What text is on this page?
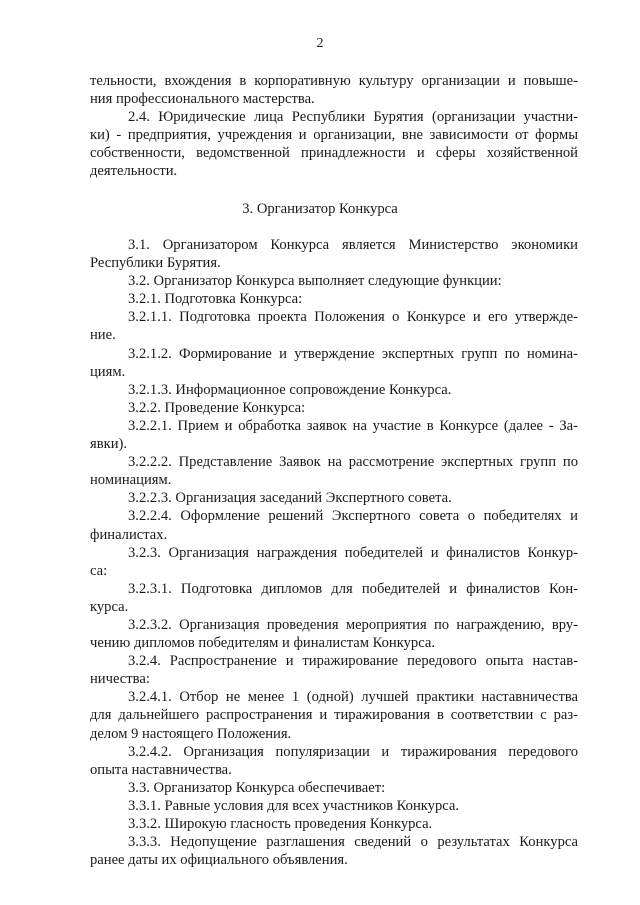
2
тельности, вхождения в корпоративную культуру организации и повыше-
ния профессионального мастерства.
2.4. Юридические лица Республики Бурятия (организации участни-
ки) - предприятия, учреждения и организации, вне зависимости от формы
собственности, ведомственной принадлежности и сферы хозяйственной
деятельности.
3. Организатор Конкурса
3.1. Организатором Конкурса является Министерство экономики
Республики Бурятия.
3.2. Организатор Конкурса выполняет следующие функции:
3.2.1. Подготовка Конкурса:
3.2.1.1. Подготовка проекта Положения о Конкурсе и его утвержде-
ние.
3.2.1.2. Формирование и утверждение экспертных групп по номина-
циям.
3.2.1.3. Информационное сопровождение Конкурса.
3.2.2. Проведение Конкурса:
3.2.2.1. Прием и обработка заявок на участие в Конкурсе (далее - За-
явки).
3.2.2.2. Представление Заявок на рассмотрение экспертных групп по
номинациям.
3.2.2.3. Организация заседаний Экспертного совета.
3.2.2.4. Оформление решений Экспертного совета о победителях и
финалистах.
3.2.3. Организация награждения победителей и финалистов Конкур-
са:
3.2.3.1. Подготовка дипломов для победителей и финалистов Кон-
курса.
3.2.3.2. Организация проведения мероприятия по награждению, вру-
чению дипломов победителям и финалистам Конкурса.
3.2.4. Распространение и тиражирование передового опыта настав-
ничества:
3.2.4.1. Отбор не менее 1 (одной) лучшей практики наставничества
для дальнейшего распространения и тиражирования в соответствии с раз-
делом 9 настоящего Положения.
3.2.4.2. Организация популяризации и тиражирования передового
опыта наставничества.
3.3. Организатор Конкурса обеспечивает:
3.3.1. Равные условия для всех участников Конкурса.
3.3.2. Широкую гласность проведения Конкурса.
3.3.3. Недопущение разглашения сведений о результатах Конкурса
ранее даты их официального объявления.
